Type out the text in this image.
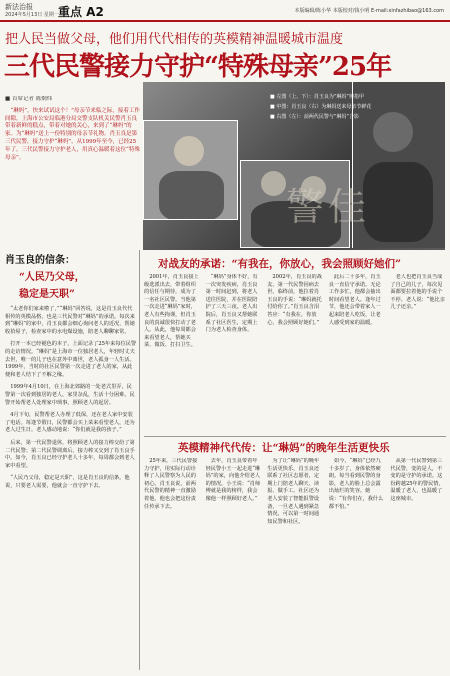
新法治报
2024年5月13日 星期一 重点 A2	本版编辑/陈小华 本版校对/钱小明 E-mail:xinfazhibao@163.com
把人民当做父母，他们用代代相传的英模精神温暖城市温度
三代民警接力守护“特殊母亲”25年
■ 首席记者 陈炯炜

“琳妈”，快来试试这个！”母亲节来临之际，接着工作间隙，上海市公安局临港分局交警支队机关民警肖玉良带着新鲜的糕点，带着对她的关心，来到了“琳妈”的家。为“琳妈”送上一份特别的母亲节礼物。肖玉良是第三代民警，接力守护“琳妈”，从1999年至今，已经25年了。三代民警接力守护老人，用真心温暖着这位“特殊母亲”。

■ 左图（上、下）：肖玉良为“琳妈”剪指甲
■ 中图：肖玉良（右）为琳妈送来母亲节鲜花
■ 右图（左）：前两代民警与“琳妈”合影
警佳
肖玉良的信条：
“人民乃父母，
稳定是天职”

“太老你们家来啦了，”“琳妈”回答说，这是肖玉良代代相传的英模品格，也是三代民警对“琳妈”的承诺。每次来到“琳妈”的家中，肖玉良都会细心询问老人的近况，帮她收拾屋子，检查家中的水电煤设施，陪老人聊聊家常。

打开一本已经褪色的本子，上面记录了25年来每位民警的走访情况。“琳妈”是上海市一位独居老人，年轻时丈夫去世，唯一的儿子也在意外中离世，老人孤身一人生活。1999年，当时的社区民警第一次走进了老人的家，从此便和老人结下了不解之缘。

1999年4月10日，在上海北郊路的一处老式里弄，民警第一次看到独居的老人，家里杂乱，生活十分困难。民警开始帮老人处理家中琐事，照顾老人的起居。

4月下旬，民警帮老人办理了低保，还在老人家中安装了电话。每逢节假日，民警都会买上菜来看望老人，还为老人过生日。老人感动地说：“你们就是我的孩子。”

后来，第一代民警退休，将照顾老人的接力棒交给了第二代民警；第二代民警调离后，接力棒又交到了肖玉良手中。如今，肖玉良已经守护老人十多年，每周都会到老人家中看望。

“人民乃父母，稳定是天职”，这是肖玉良的信条。他说，只要老人需要，他就会一直守护下去。

对战友的承诺：“有我在，你放心，我会照顾好她们”

2001年，肖玉良接上级选派出去，带着组织的信任与期待，成为了一名社区民警。当他第一次走进“琳妈”家时，老人有些拘谨，但肖玉良的真诚很快打动了老人。从此，他每周都会来看望老人，帮她买菜、做饭、打扫卫生。

“琳妈”身体不好，有一次突发疾病，肖玉良第一时间赶到，将老人送往医院，并在医院陪护了三天三夜。老人出院后，肖玉良又帮她联系了社区医生，定期上门为老人检查身体。

2002年，肖玉良的战友、第一代民警因病去世。临终前，他拉着肖玉良的手说：“琳妈就托付给你了。”肖玉良含泪答应：“有我在，你放心，我会照顾好她们。”

此后二十多年，肖玉良一直信守承诺。无论工作多忙，他都会抽出时间看望老人。逢年过节，他还会带着家人一起来陪老人吃饭，让老人感受到家的温暖。

老人也把肖玉良当成了自己的儿子，每次见面都要拉着他的手说个不停。老人说：“他比亲儿子还亲。”

英模精神代代传：让“琳妈”的晚年生活更快乐

25年来，三代民警接力守护，用实际行动诠释了人民警察为人民的初心。肖玉良说，前两代民警的精神一直激励着他，他也会把这份责任传承下去。

去年，肖玉良带着年轻民警小王一起走进“琳妈”的家，向他介绍老人的情况。小王说：“肖师傅就是我的榜样，我会像他一样照顾好老人。”

为了让“琳妈”的晚年生活更快乐，肖玉良还联系了社区志愿者，定期上门陪老人聊天、读报、做手工。社区还为老人安装了智能报警设备，一旦老人遇到紧急情况，可以第一时间通知民警和社区。

如今，“琳妈”已经九十多岁了，身体依然硬朗。每当看到民警的身影，老人的脸上总会露出灿烂的笑容。她说：“有你们在，我什么都不怕。”

从第一代民警到第三代民警，变的是人，不变的是守护的承诺。这份跨越25年的警民情，温暖了老人，也温暖了这座城市。
